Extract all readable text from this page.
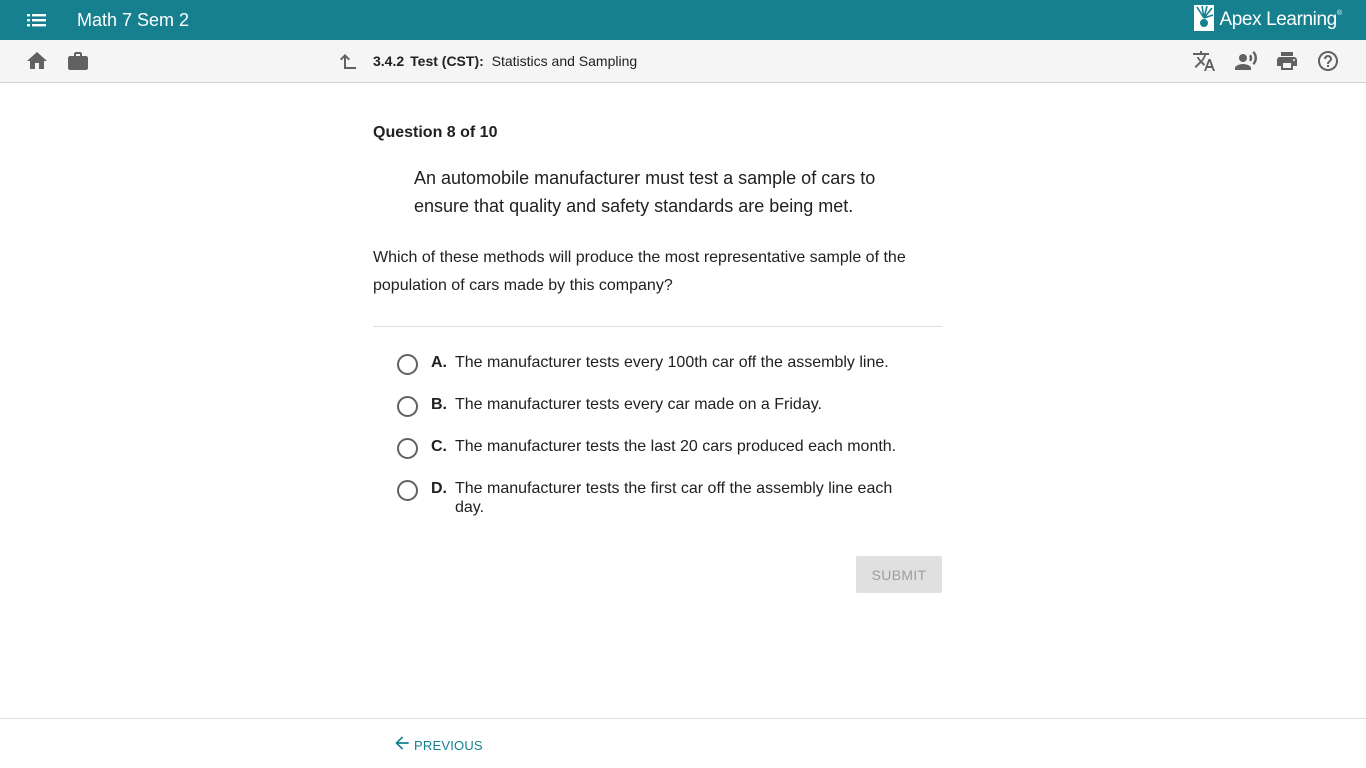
Math 7 Sem 2	Apex Learning ®
3.4.2 Test (CST): Statistics and Sampling
Question 8 of 10
An automobile manufacturer must test a sample of cars to ensure that quality and safety standards are being met.
Which of these methods will produce the most representative sample of the population of cars made by this company?
A. The manufacturer tests every 100th car off the assembly line.
B. The manufacturer tests every car made on a Friday.
C. The manufacturer tests the last 20 cars produced each month.
D. The manufacturer tests the first car off the assembly line each day.
SUBMIT
PREVIOUS
